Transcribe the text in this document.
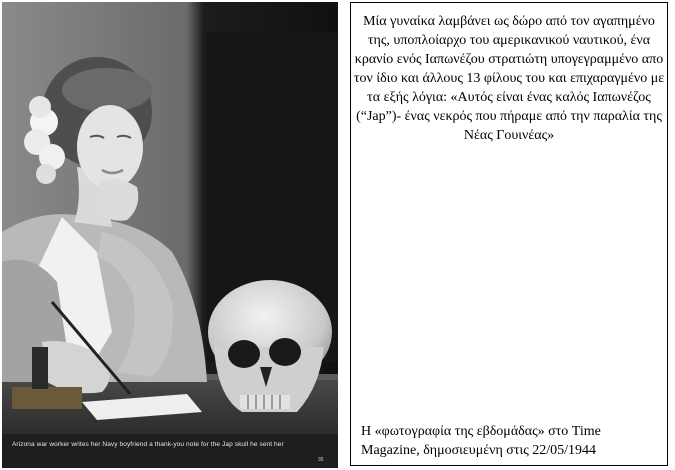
Arizona war worker writes her Navy boyfriend a thank-you note for the Jap skull he sent her
35
Μία γυναίκα λαμβάνει ως δώρο από τον αγαπημένο της, υποπλοίαρχο του αμερικανικού ναυτικού, ένα κρανίο ενός Ιαπωνέζου στρατιώτη υπογεγραμμένο απο τον ίδιο και άλλους 13 φίλους του και επιχαραγμένο με τα εξής λόγια: «Αυτός είναι ένας καλός Ιαπωνέζος (“Jap”)- ένας νεκρός που πήραμε από την παραλία της Νέας Γουινέας»
Η «φωτογραφία της εβδομάδας» στο Time Magazine, δημοσιευμένη στις 22/05/1944
